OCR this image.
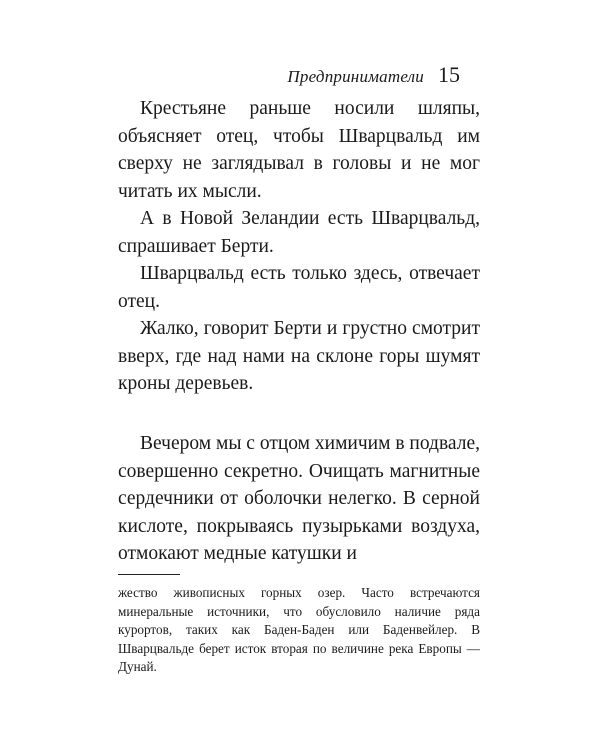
Предприниматели 15

Крестьяне раньше носили шляпы, объясняет отец, чтобы Шварцвальд им сверху не заглядывал в головы и не мог читать их мысли.

А в Новой Зеландии есть Шварцвальд, спрашивает Берти.

Шварцвальд есть только здесь, отвечает отец.

Жалко, говорит Берти и грустно смотрит вверх, где над нами на склоне горы шумят кроны деревьев.

Вечером мы с отцом химичим в подвале, совершенно секретно. Очищать магнитные сердечники от оболочки нелегко. В серной кислоте, покрываясь пузырьками воздуха, отмокают медные катушки и

жество живописных горных озер. Часто встречаются минеральные источники, что обусловило наличие ряда курортов, таких как Баден-Баден или Баденвейлер. В Шварцвальде берет исток вторая по величине река Европы — Дунай.
